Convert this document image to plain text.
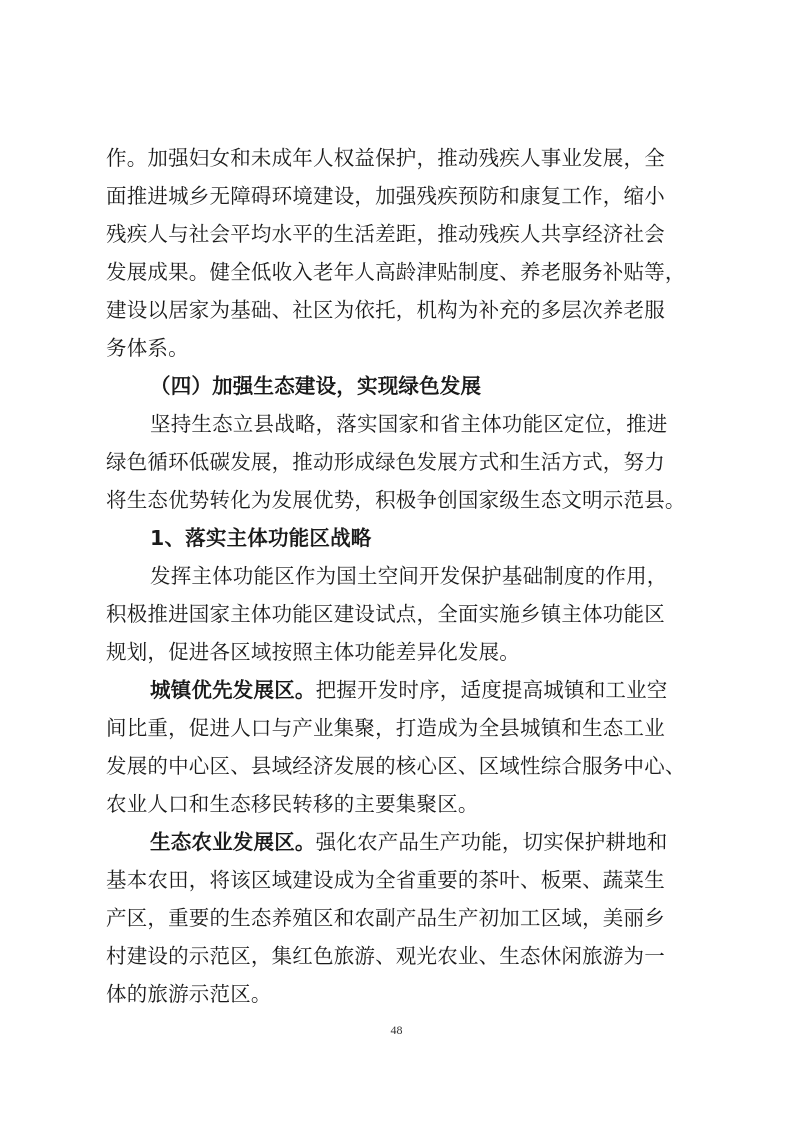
作。加强妇女和未成年人权益保护，推动残疾人事业发展，全
面推进城乡无障碍环境建设，加强残疾预防和康复工作，缩小
残疾人与社会平均水平的生活差距，推动残疾人共享经济社会
发展成果。健全低收入老年人高龄津贴制度、养老服务补贴等，
建设以居家为基础、社区为依托，机构为补充的多层次养老服
务体系。
（四）加强生态建设，实现绿色发展
坚持生态立县战略，落实国家和省主体功能区定位，推进
绿色循环低碳发展，推动形成绿色发展方式和生活方式，努力
将生态优势转化为发展优势，积极争创国家级生态文明示范县。
1、落实主体功能区战略
发挥主体功能区作为国土空间开发保护基础制度的作用，
积极推进国家主体功能区建设试点，全面实施乡镇主体功能区
规划，促进各区域按照主体功能差异化发展。
城镇优先发展区。把握开发时序，适度提高城镇和工业空
间比重，促进人口与产业集聚，打造成为全县城镇和生态工业
发展的中心区、县域经济发展的核心区、区域性综合服务中心、
农业人口和生态移民转移的主要集聚区。
生态农业发展区。强化农产品生产功能，切实保护耕地和
基本农田，将该区域建设成为全省重要的茶叶、板栗、蔬菜生
产区，重要的生态养殖区和农副产品生产初加工区域，美丽乡
村建设的示范区，集红色旅游、观光农业、生态休闲旅游为一
体的旅游示范区。
48
